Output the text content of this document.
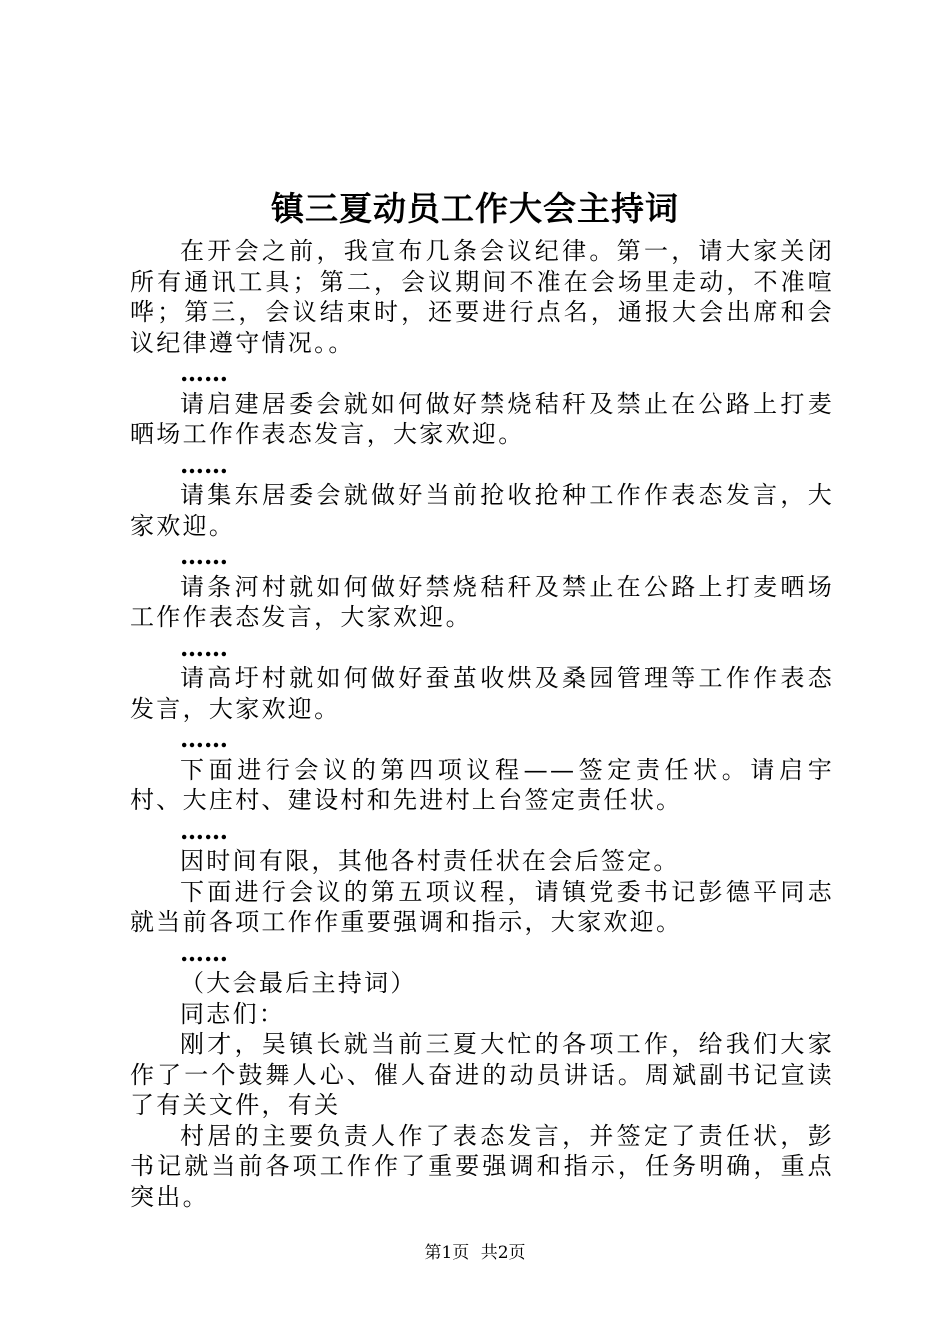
镇三夏动员工作大会主持词

在开会之前，我宣布几条会议纪律。第一，请大家关闭所有通讯工具；第二，会议期间不准在会场里走动，不准喧哗；第三，会议结束时，还要进行点名，通报大会出席和会议纪律遵守情况。。

……

请启建居委会就如何做好禁烧秸秆及禁止在公路上打麦晒场工作作表态发言，大家欢迎。

……

请集东居委会就做好当前抢收抢种工作作表态发言，大家欢迎。

……

请条河村就如何做好禁烧秸秆及禁止在公路上打麦晒场工作作表态发言，大家欢迎。

……

请高圩村就如何做好蚕茧收烘及桑园管理等工作作表态发言，大家欢迎。

……

下面进行会议的第四项议程——签定责任状。请启宇村、大庄村、建设村和先进村上台签定责任状。

……

因时间有限，其他各村责任状在会后签定。

下面进行会议的第五项议程，请镇党委书记彭德平同志就当前各项工作作重要强调和指示，大家欢迎。

……

（大会最后主持词）

同志们：

刚才，吴镇长就当前三夏大忙的各项工作，给我们大家作了一个鼓舞人心、催人奋进的动员讲话。周斌副书记宣读了有关文件，有关

村居的主要负责人作了表态发言，并签定了责任状，彭书记就当前各项工作作了重要强调和指示，任务明确，重点突出。

第1页 共2页
